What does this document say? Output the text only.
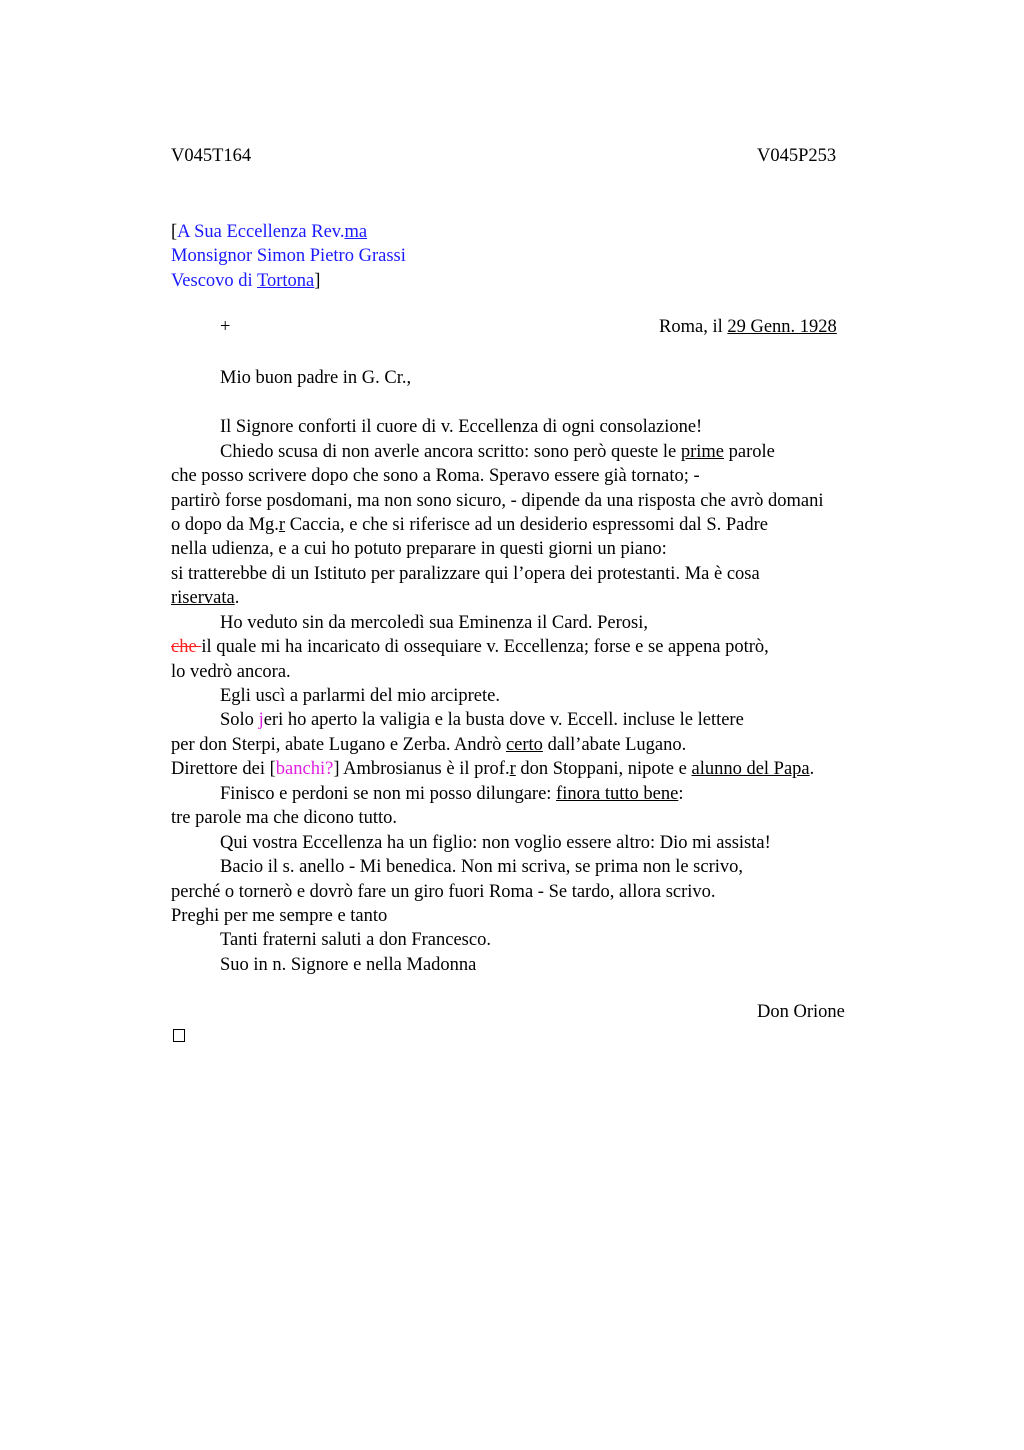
V045T164	V045P253
[A Sua Eccellenza Rev.ma
Monsignor Simon Pietro Grassi
Vescovo di Tortona]
+	Roma, il 29 Genn. 1928
Mio buon padre in G. Cr.,
Il Signore conforti il cuore di v. Eccellenza di ogni consolazione!
Chiedo scusa di non averle ancora scritto: sono però queste le prime parole
che posso scrivere dopo che sono a Roma. Speravo essere già tornato; -
partirò forse posdomani, ma non sono sicuro, - dipende da una risposta che avrò domani
o dopo da Mg.r Caccia, e che si riferisce ad un desiderio espressomi dal S. Padre
nella udienza, e a cui ho potuto preparare in questi giorni un piano:
si tratterebbe di un Istituto per paralizzare qui l’opera dei protestanti. Ma è cosa
riservata.
Ho veduto sin da mercoledì sua Eminenza il Card. Perosi,
che il quale mi ha incaricato di ossequiare v. Eccellenza; forse e se appena potrò,
lo vedrò ancora.
Egli uscì a parlarmi del mio arciprete.
Solo jeri ho aperto la valigia e la busta dove v. Eccell. incluse le lettere
per don Sterpi, abate Lugano e Zerba. Andrò certo dall’abate Lugano.
Direttore dei [banchi?] Ambrosianus è il prof.r don Stoppani, nipote e alunno del Papa.
Finisco e perdoni se non mi posso dilungare: finora tutto bene:
tre parole ma che dicono tutto.
Qui vostra Eccellenza ha un figlio: non voglio essere altro: Dio mi assista!
Bacio il s. anello - Mi benedica. Non mi scriva, se prima non le scrivo,
perché o tornerò e dovrò fare un giro fuori Roma - Se tardo, allora scrivo.
Preghi per me sempre e tanto
Tanti fraterni saluti a don Francesco.
Suo in n. Signore e nella Madonna
Don Orione
